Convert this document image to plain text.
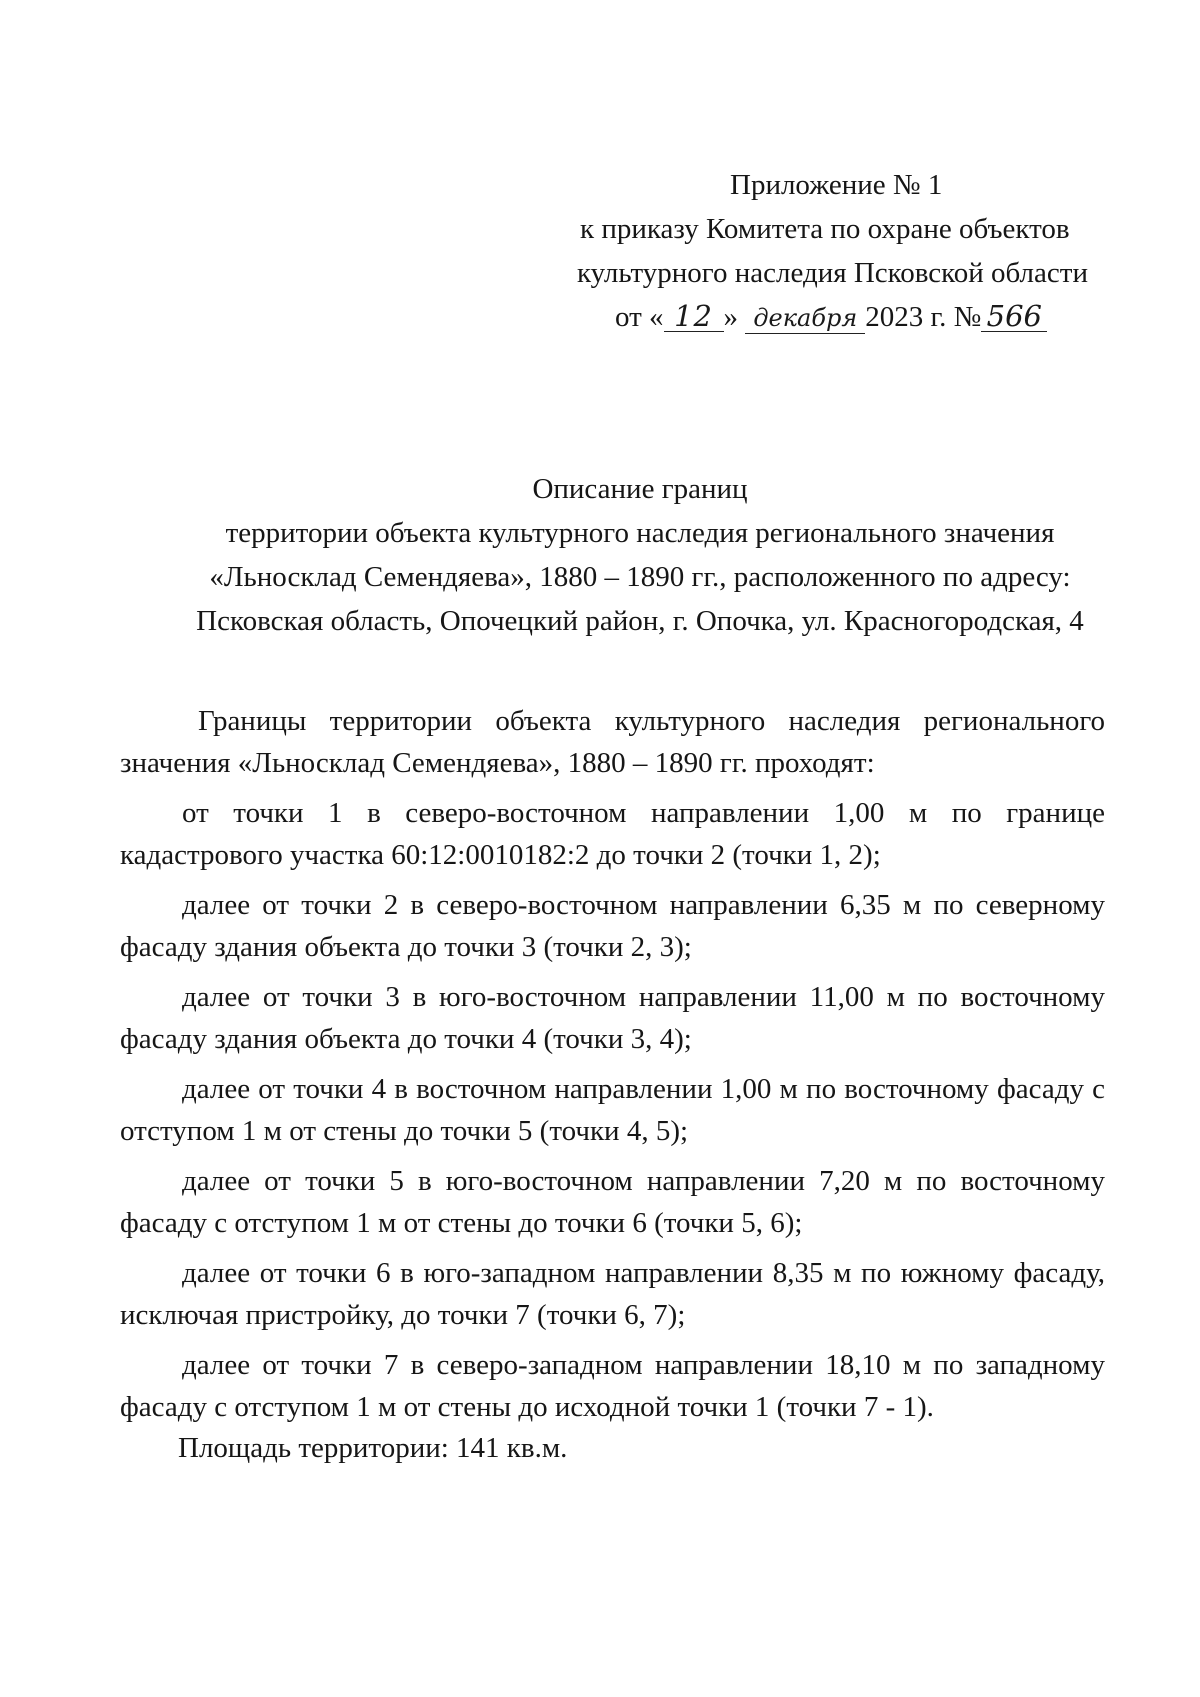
Приложение № 1
к приказу Комитета по охране объектов
культурного наследия Псковской области
от « 12 » декабря 2023 г. № 566
Описание границ
территории объекта культурного наследия регионального значения
«Льносклад Семендяева», 1880 – 1890 гг., расположенного по адресу:
Псковская область, Опочецкий район, г. Опочка, ул. Красногородская, 4

Границы территории объекта культурного наследия регионального значения «Льносклад Семендяева», 1880 – 1890 гг. проходят:

от точки 1 в северо-восточном направлении 1,00 м по границе кадастрового участка 60:12:0010182:2 до точки 2 (точки 1, 2);

далее от точки 2 в северо-восточном направлении 6,35 м по северному фасаду здания объекта до точки 3 (точки 2, 3);

далее от точки 3 в юго-восточном направлении 11,00 м по восточному фасаду здания объекта до точки 4 (точки 3, 4);

далее от точки 4 в восточном направлении 1,00 м по восточному фасаду с отступом 1 м от стены до точки 5 (точки 4, 5);

далее от точки 5 в юго-восточном направлении 7,20 м по восточному фасаду с отступом 1 м от стены до точки 6 (точки 5, 6);

далее от точки 6 в юго-западном направлении 8,35 м по южному фасаду, исключая пристройку, до точки 7 (точки 6, 7);

далее от точки 7 в северо-западном направлении 18,10 м по западному фасаду с отступом 1 м от стены до исходной точки 1 (точки 7 - 1).

Площадь территории: 141 кв.м.
